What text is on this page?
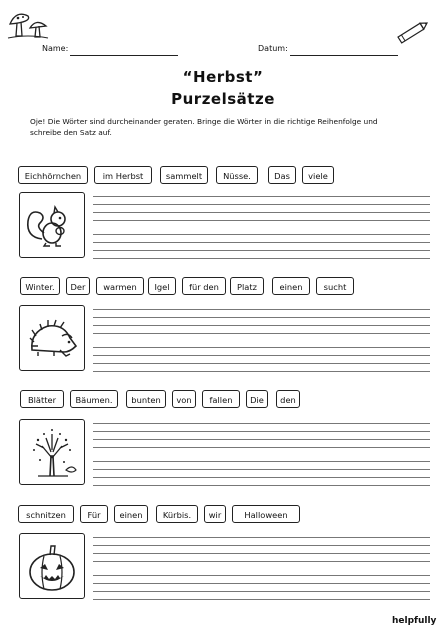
Name:	Datum:
“Herbst”
Purzelsätze
Oje! Die Wörter sind durcheinander geraten. Bringe die Wörter in die richtige Reihenfolge und schreibe den Satz auf.
Eichhörnchen	im Herbst	sammelt	Nüsse.	Das	viele
Winter.	Der	warmen	Igel	für den	Platz	einen	sucht
Blätter	Bäumen.	bunten	von	fallen	Die	den
schnitzen	Für	einen	Kürbis.	wir	Halloween
helpfully
